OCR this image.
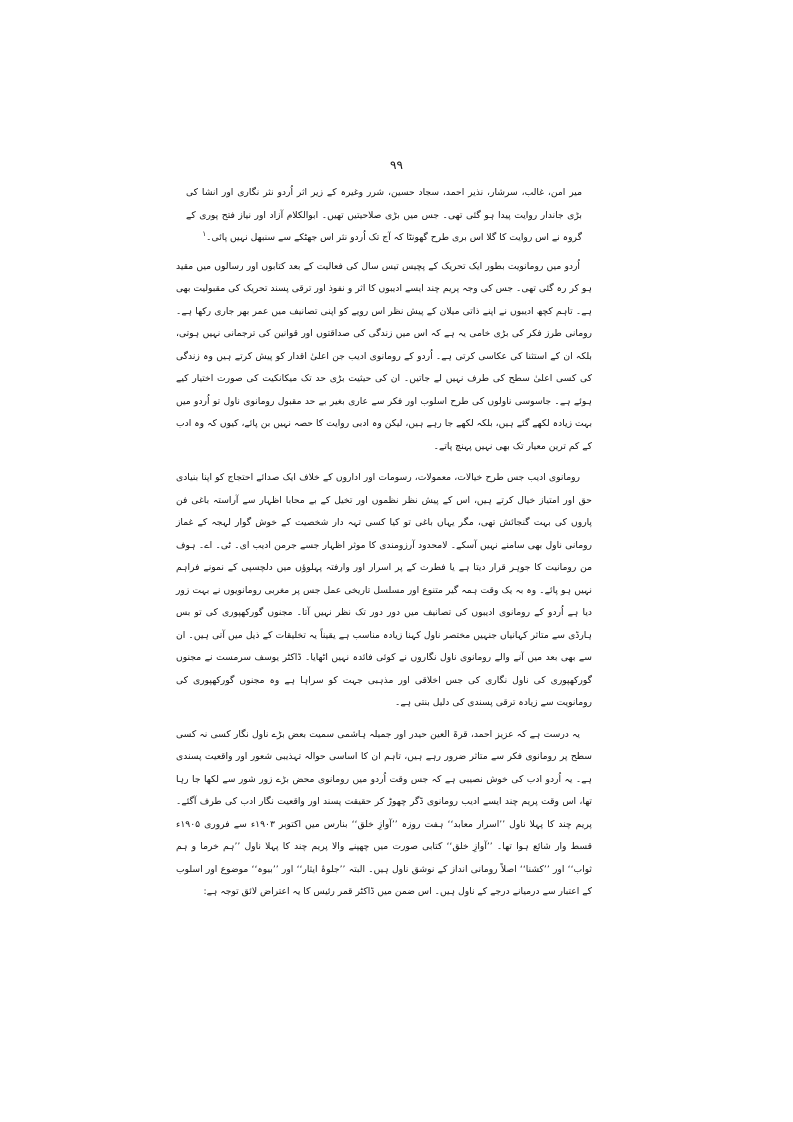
۹۹

میر امن، غالب، سرشار، نذیر احمد، سجاد حسین، شرر وغیرہ کے زیر اثر اُردو نثر نگاری اور انشا کی بڑی جاندار روایت پیدا ہو گئی تھی۔ جس میں بڑی صلاحیتیں تھیں۔ ابوالکلام آزاد اور نیاز فتح پوری کے گروہ نے اس روایت کا گلا اس بری طرح گھونٹا کہ آج تک اُردو نثر اس جھٹکے سے سنبھل نہیں پائی۔$^۱$

اُردو میں رومانویت بطور ایک تحریک کے پچیس تیس سال کی فعالیت کے بعد کتابوں اور رسالوں میں مقید ہو کر رہ گئی تھی۔ جس کی وجہ پریم چند ایسے ادیبوں کا اثر و نفوذ اور ترقی پسند تحریک کی مقبولیت بھی ہے۔ تاہم کچھ ادیبوں نے اپنے ذاتی میلان کے پیش نظر اس رویے کو اپنی تصانیف میں عمر بھر جاری رکھا ہے۔ رومانی طرز فکر کی بڑی خامی یہ ہے کہ اس میں زندگی کی صداقتوں اور قوانین کی ترجمانی نہیں ہوتی، بلکہ ان کے استثنا کی عکاسی کرتی ہے۔ اُردو کے رومانوی ادیب جن اعلیٰ اقدار کو پیش کرتے ہیں وہ زندگی کی کسی اعلیٰ سطح کی طرف نہیں لے جاتیں۔ ان کی حیثیت بڑی حد تک میکانکیت کی صورت اختیار کیے ہوئے ہے۔ جاسوسی ناولوں کی طرح اسلوب اور فکر سے عاری بغیر بے حد مقبول رومانوی ناول تو اُردو میں بہت زیادہ لکھے گئے ہیں، بلکہ لکھے جا رہے ہیں، لیکن وہ ادبی روایت کا حصہ نہیں بن پائے، کیوں کہ وہ ادب کے کم ترین معیار تک بھی نہیں پہنچ پاتے۔

رومانوی ادیب جس طرح خیالات، معمولات، رسومات اور اداروں کے خلاف ایک صدائے احتجاج کو اپنا بنیادی حق اور امتیاز خیال کرتے ہیں، اس کے پیش نظر نظموں اور تخیل کے بے محابا اظہار سے آراستہ باغی فن پاروں کی بہت گنجائش تھی، مگر یہاں باغی تو کیا کسی تہہ دار شخصیت کے خوش گوار لہجہ کے غماز رومانی ناول بھی سامنے نہیں آسکے۔ لامحدود آرزومندی کا موثر اظہار جسے جرمن ادیب ای۔ ٹی۔ اے۔ ہوف من رومانیت کا جوہر قرار دیتا ہے یا فطرت کے پر اسرار اور وارفتہ پہلوؤں میں دلچسپی کے نمونے فراہم نہیں ہو پائے۔ وہ بہ یک وقت ہمہ گیر متنوع اور مسلسل تاریخی عمل جس پر مغربی رومانویوں نے بہت زور دیا ہے اُردو کے رومانوی ادیبوں کی تصانیف میں دور دور تک نظر نہیں آتا۔ مجنوں گورکھپوری کی تو بس ہارڈی سے متاثر کہانیاں جنہیں مختصر ناول کہنا زیادہ مناسب ہے یقیناً یہ تخلیقات کے ذیل میں آتی ہیں۔ ان سے بھی بعد میں آنے والے رومانوی ناول نگاروں نے کوئی فائدہ نہیں اٹھایا۔ ڈاکٹر یوسف سرمست نے مجنوں گورکھپوری کی ناول نگاری کی جس اخلاقی اور مذہبی جہت کو سراہا ہے وہ مجنوں گورکھپوری کی رومانویت سے زیادہ ترقی پسندی کی دلیل بنتی ہے۔

یہ درست ہے کہ عزیز احمد، قرۃ العین حیدر اور جمیلہ ہاشمی سمیت بعض بڑے ناول نگار کسی نہ کسی سطح پر رومانوی فکر سے متاثر ضرور رہے ہیں، تاہم ان کا اساسی حوالہ تہذیبی شعور اور واقعیت پسندی ہے۔ یہ اُردو ادب کی خوش نصیبی ہے کہ جس وقت اُردو میں رومانوی محض بڑے زور شور سے لکھا جا رہا تھا، اس وقت پریم چند ایسے ادیب رومانوی ڈگر چھوڑ کر حقیقت پسند اور واقعیت نگار ادب کی طرف آگئے۔ پریم چند کا پہلا ناول ’’اسرار معابد‘‘ ہفت روزہ ’’آوازِ خلق‘‘ بنارس میں اکتوبر ۱۹۰۳ء سے فروری ۱۹۰۵ء قسط وار شائع ہوا تھا۔ ’’آوازِ خلق‘‘ کتابی صورت میں چھپنے والا پریم چند کا پہلا ناول ’’ہم خرما و ہم ثواب‘‘ اور ’’کشنا‘‘ اصلاً رومانی انداز کے نوشق ناول ہیں۔ البتہ ’’جلوۂ ایثار‘‘ اور ’’بیوہ‘‘ موضوع اور اسلوب کے اعتبار سے درمیانے درجے کے ناول ہیں۔ اس ضمن میں ڈاکٹر قمر رئیس کا یہ اعتراض لائق توجہ ہے:
